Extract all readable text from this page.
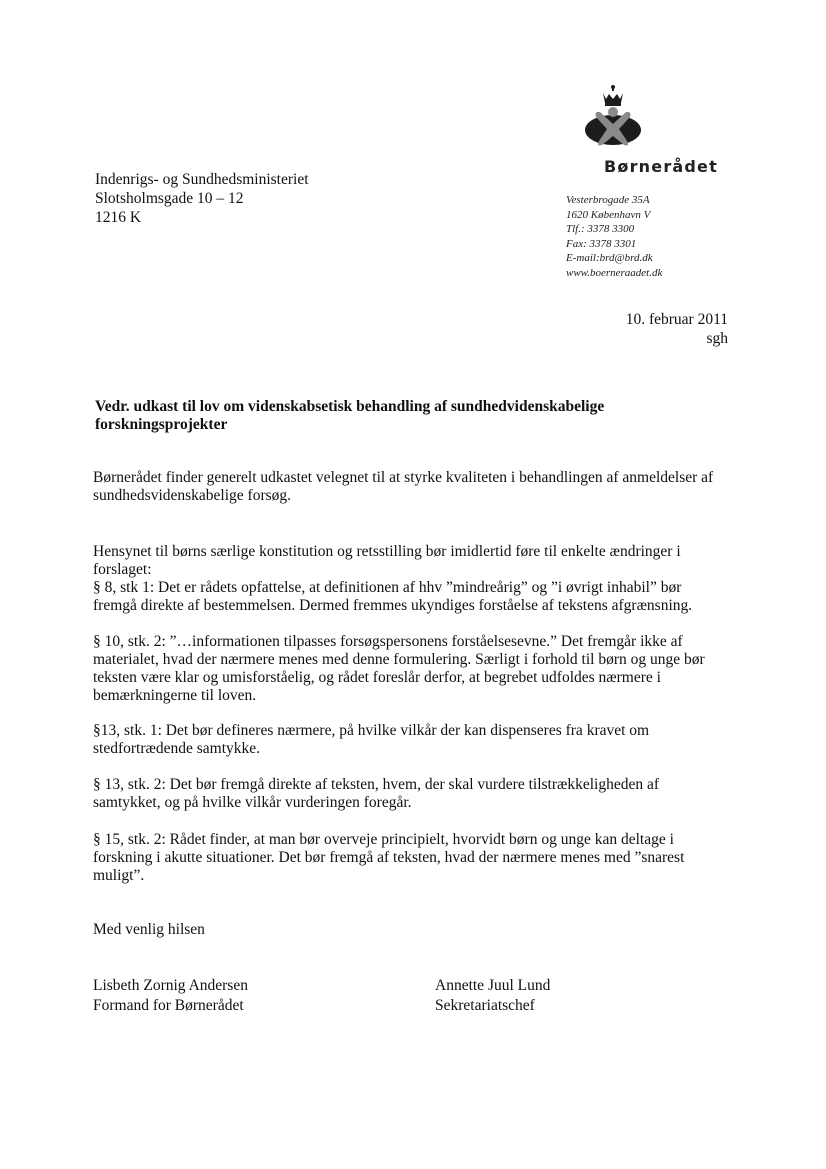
Indenrigs- og Sundhedsministeriet
Slotsholmsgade 10 – 12
1216 K
Børnerådet
Vesterbrogade 35A
1620 København V
Tlf.: 3378 3300
Fax: 3378 3301
E-mail:brd@brd.dk
www.boerneraadet.dk
10. februar 2011
sgh
Vedr. udkast til lov om videnskabsetisk behandling af sundhedvidenskabelige
forskningsprojekter
Børnerådet finder generelt udkastet velegnet til at styrke kvaliteten i behandlingen af anmeldelser af
sundhedsvidenskabelige forsøg.
Hensynet til børns særlige konstitution og retsstilling bør imidlertid føre til enkelte ændringer i
forslaget:
§ 8, stk 1: Det er rådets opfattelse, at definitionen af hhv ”mindreårig” og ”i øvrigt inhabil” bør
fremgå direkte af bestemmelsen. Dermed fremmes ukyndiges forståelse af tekstens afgrænsning.
§ 10, stk. 2: ”…informationen tilpasses forsøgspersonens forståelsesevne.” Det fremgår ikke af
materialet, hvad der nærmere menes med denne formulering. Særligt i forhold til børn og unge bør
teksten være klar og umisforståelig, og rådet foreslår derfor, at begrebet udfoldes nærmere i
bemærkningerne til loven.
§13, stk. 1: Det bør defineres nærmere, på hvilke vilkår der kan dispenseres fra kravet om
stedfortrædende samtykke.
§ 13, stk. 2: Det bør fremgå direkte af teksten, hvem, der skal vurdere tilstrækkeligheden af
samtykket, og på hvilke vilkår vurderingen foregår.
§ 15, stk. 2: Rådet finder, at man bør overveje principielt, hvorvidt børn og unge kan deltage i
forskning i akutte situationer. Det bør fremgå af teksten, hvad der nærmere menes med ”snarest
muligt”.
Med venlig hilsen
Lisbeth Zornig Andersen
Formand for Børnerådet
Annette Juul Lund
Sekretariatschef
